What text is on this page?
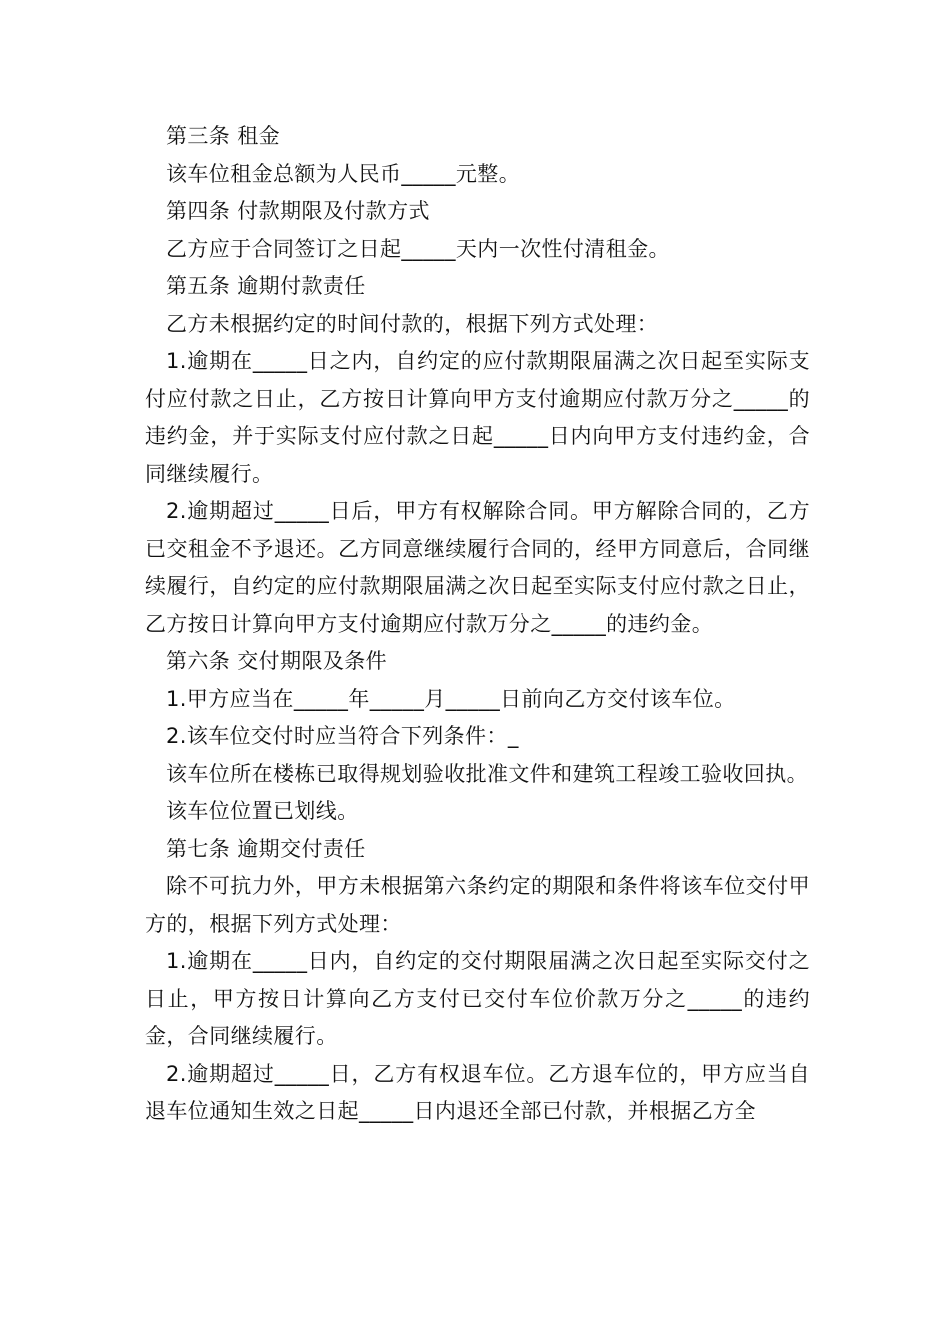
第三条 租金

该车位租金总额为人民币_____元整。

第四条 付款期限及付款方式

乙方应于合同签订之日起_____天内一次性付清租金。

第五条 逾期付款责任

乙方未根据约定的时间付款的，根据下列方式处理：

1.逾期在_____日之内，自约定的应付款期限届满之次日起至实际支付应付款之日止，乙方按日计算向甲方支付逾期应付款万分之_____的违约金，并于实际支付应付款之日起_____日内向甲方支付违约金，合同继续履行。

2.逾期超过_____日后，甲方有权解除合同。甲方解除合同的，乙方已交租金不予退还。乙方同意继续履行合同的，经甲方同意后，合同继续履行，自约定的应付款期限届满之次日起至实际支付应付款之日止，乙方按日计算向甲方支付逾期应付款万分之_____的违约金。

第六条 交付期限及条件

1.甲方应当在_____年_____月_____日前向乙方交付该车位。

2.该车位交付时应当符合下列条件：_

该车位所在楼栋已取得规划验收批准文件和建筑工程竣工验收回执。

该车位位置已划线。

第七条 逾期交付责任

除不可抗力外，甲方未根据第六条约定的期限和条件将该车位交付甲方的，根据下列方式处理：

1.逾期在_____日内，自约定的交付期限届满之次日起至实际交付之日止，甲方按日计算向乙方支付已交付车位价款万分之_____的违约金，合同继续履行。

2.逾期超过_____日，乙方有权退车位。乙方退车位的，甲方应当自退车位通知生效之日起_____日内退还全部已付款，并根据乙方全
